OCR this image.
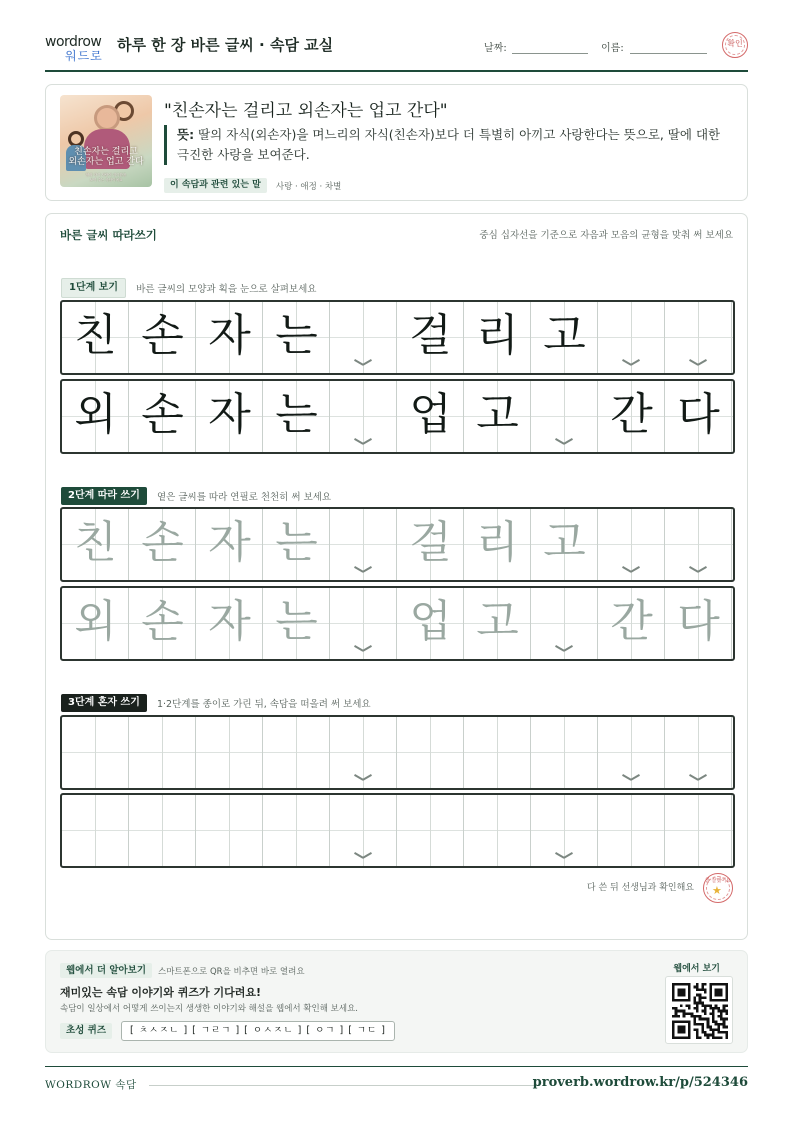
wordrow
워드로
하루 한 장 바른 글씨 · 속담 교실	날짜:	이름:	확인
친손자는 걸리고
외손자는 업고 간다
딸의 자식 사랑이 지극함을
보여 주는 속담이에요
"친손자는 걸리고 외손자는 업고 간다"
뜻: 딸의 자식(외손자)을 며느리의 자식(친손자)보다 더 특별히 아끼고 사랑한다는 뜻으로, 딸에 대한 극진한 사랑을 보여준다.
이 속담과 관련 있는 말 사랑 · 애정 · 차별
바른 글씨 따라쓰기	중심 십자선을 기준으로 자음과 모음의 균형을 맞춰 써 보세요
1단계 보기 바른 글씨의 모양과 획을 눈으로 살펴보세요
친 손 자 는 걸 리 고
외 손 자 는 업 고 간 다
2단계 따라 쓰기 옅은 글씨를 따라 연필로 천천히 써 보세요
친 손 자 는 걸 리 고
외 손 자 는 업 고 간 다
3단계 혼자 쓰기 1·2단계를 종이로 가린 뒤, 속담을 떠올려 써 보세요
다 쓴 뒤 선생님과 확인해요
참 잘했어요
★
웹에서 더 알아보기	스마트폰으로 QR을 비추면 바로 열려요
재미있는 속담 이야기와 퀴즈가 기다려요!
속담이 일상에서 어떻게 쓰이는지 생생한 이야기와 해설을 웹에서 확인해 보세요.
초성 퀴즈	[ ㅊㅅㅈㄴ ] [ ㄱㄹㄱ ] [ ㅇㅅㅈㄴ ] [ ㅇㄱ ] [ ㄱㄷ ]
웹에서 보기
WORDROW 속담	proverb.wordrow.kr/p/524346
